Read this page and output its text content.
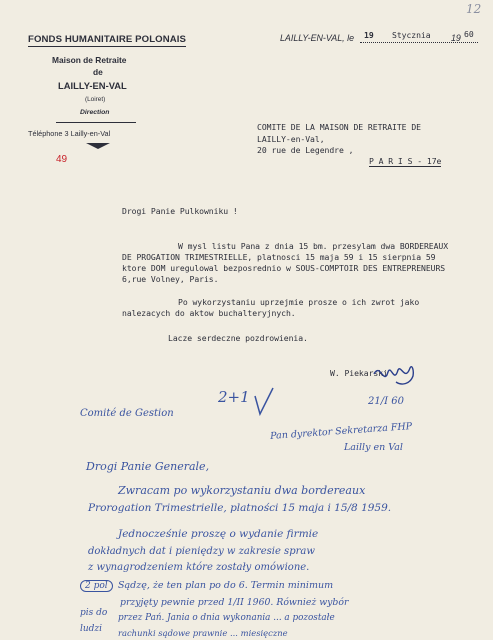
FONDS HUMANITAIRE POLONAIS
Maison de Retraite
de
LAILLY-EN-VAL
(Loiret)
Direction
Téléphone 3 Lailly-en-Val
12
49
LAILLY-EN-VAL, le 19 Stycznia 19 60
COMITE DE LA MAISON DE RETRAITE DE
LAILLY-en-Val,
20 rue de Legendre ,
P A R I S - 17e
Drogi Panie Pulkowniku !
W mysl listu Pana z dnia 15 bm. przesylam dwa BORDEREAUX
DE PROGATION TRIMESTRIELLE, platnosci 15 maja 59 i 15 sierpnia 59
ktore DOM uregulowal bezposrednio w SOUS-COMPTOIR DES ENTREPRENEURS
6,rue Volney, Paris.
Po wykorzystaniu uprzejmie prosze o ich zwrot jako
nalezacych do aktow buchalteryjnych.
Lacze serdeczne pozdrowienia.
W. Piekarski
2+1	21/I 60
Comité de Gestion
Pan dyrektor Sekretarza FHP
Lailly en Val
Drogi Panie Generale,
Zwracam po wykorzystaniu dwa bordereaux
Prorogation Trimestrielle, platności 15 maja i 15/8 1959.
Jednocześnie proszę o wydanie firmie
dokładnych dat i pieniędzy w zakresie spraw
z wynagrodzeniem które zostały omówione.
Sądzę, że ten plan po do 6. Termin minimum
przyjęty pewnie przed 1/II 1960. Również wybór
przez Pań. Jania o dnia wykonania ... a pozostałe
rachunki sądowe prawnie ... miesięczne
2 pol
pis do
ludzi
